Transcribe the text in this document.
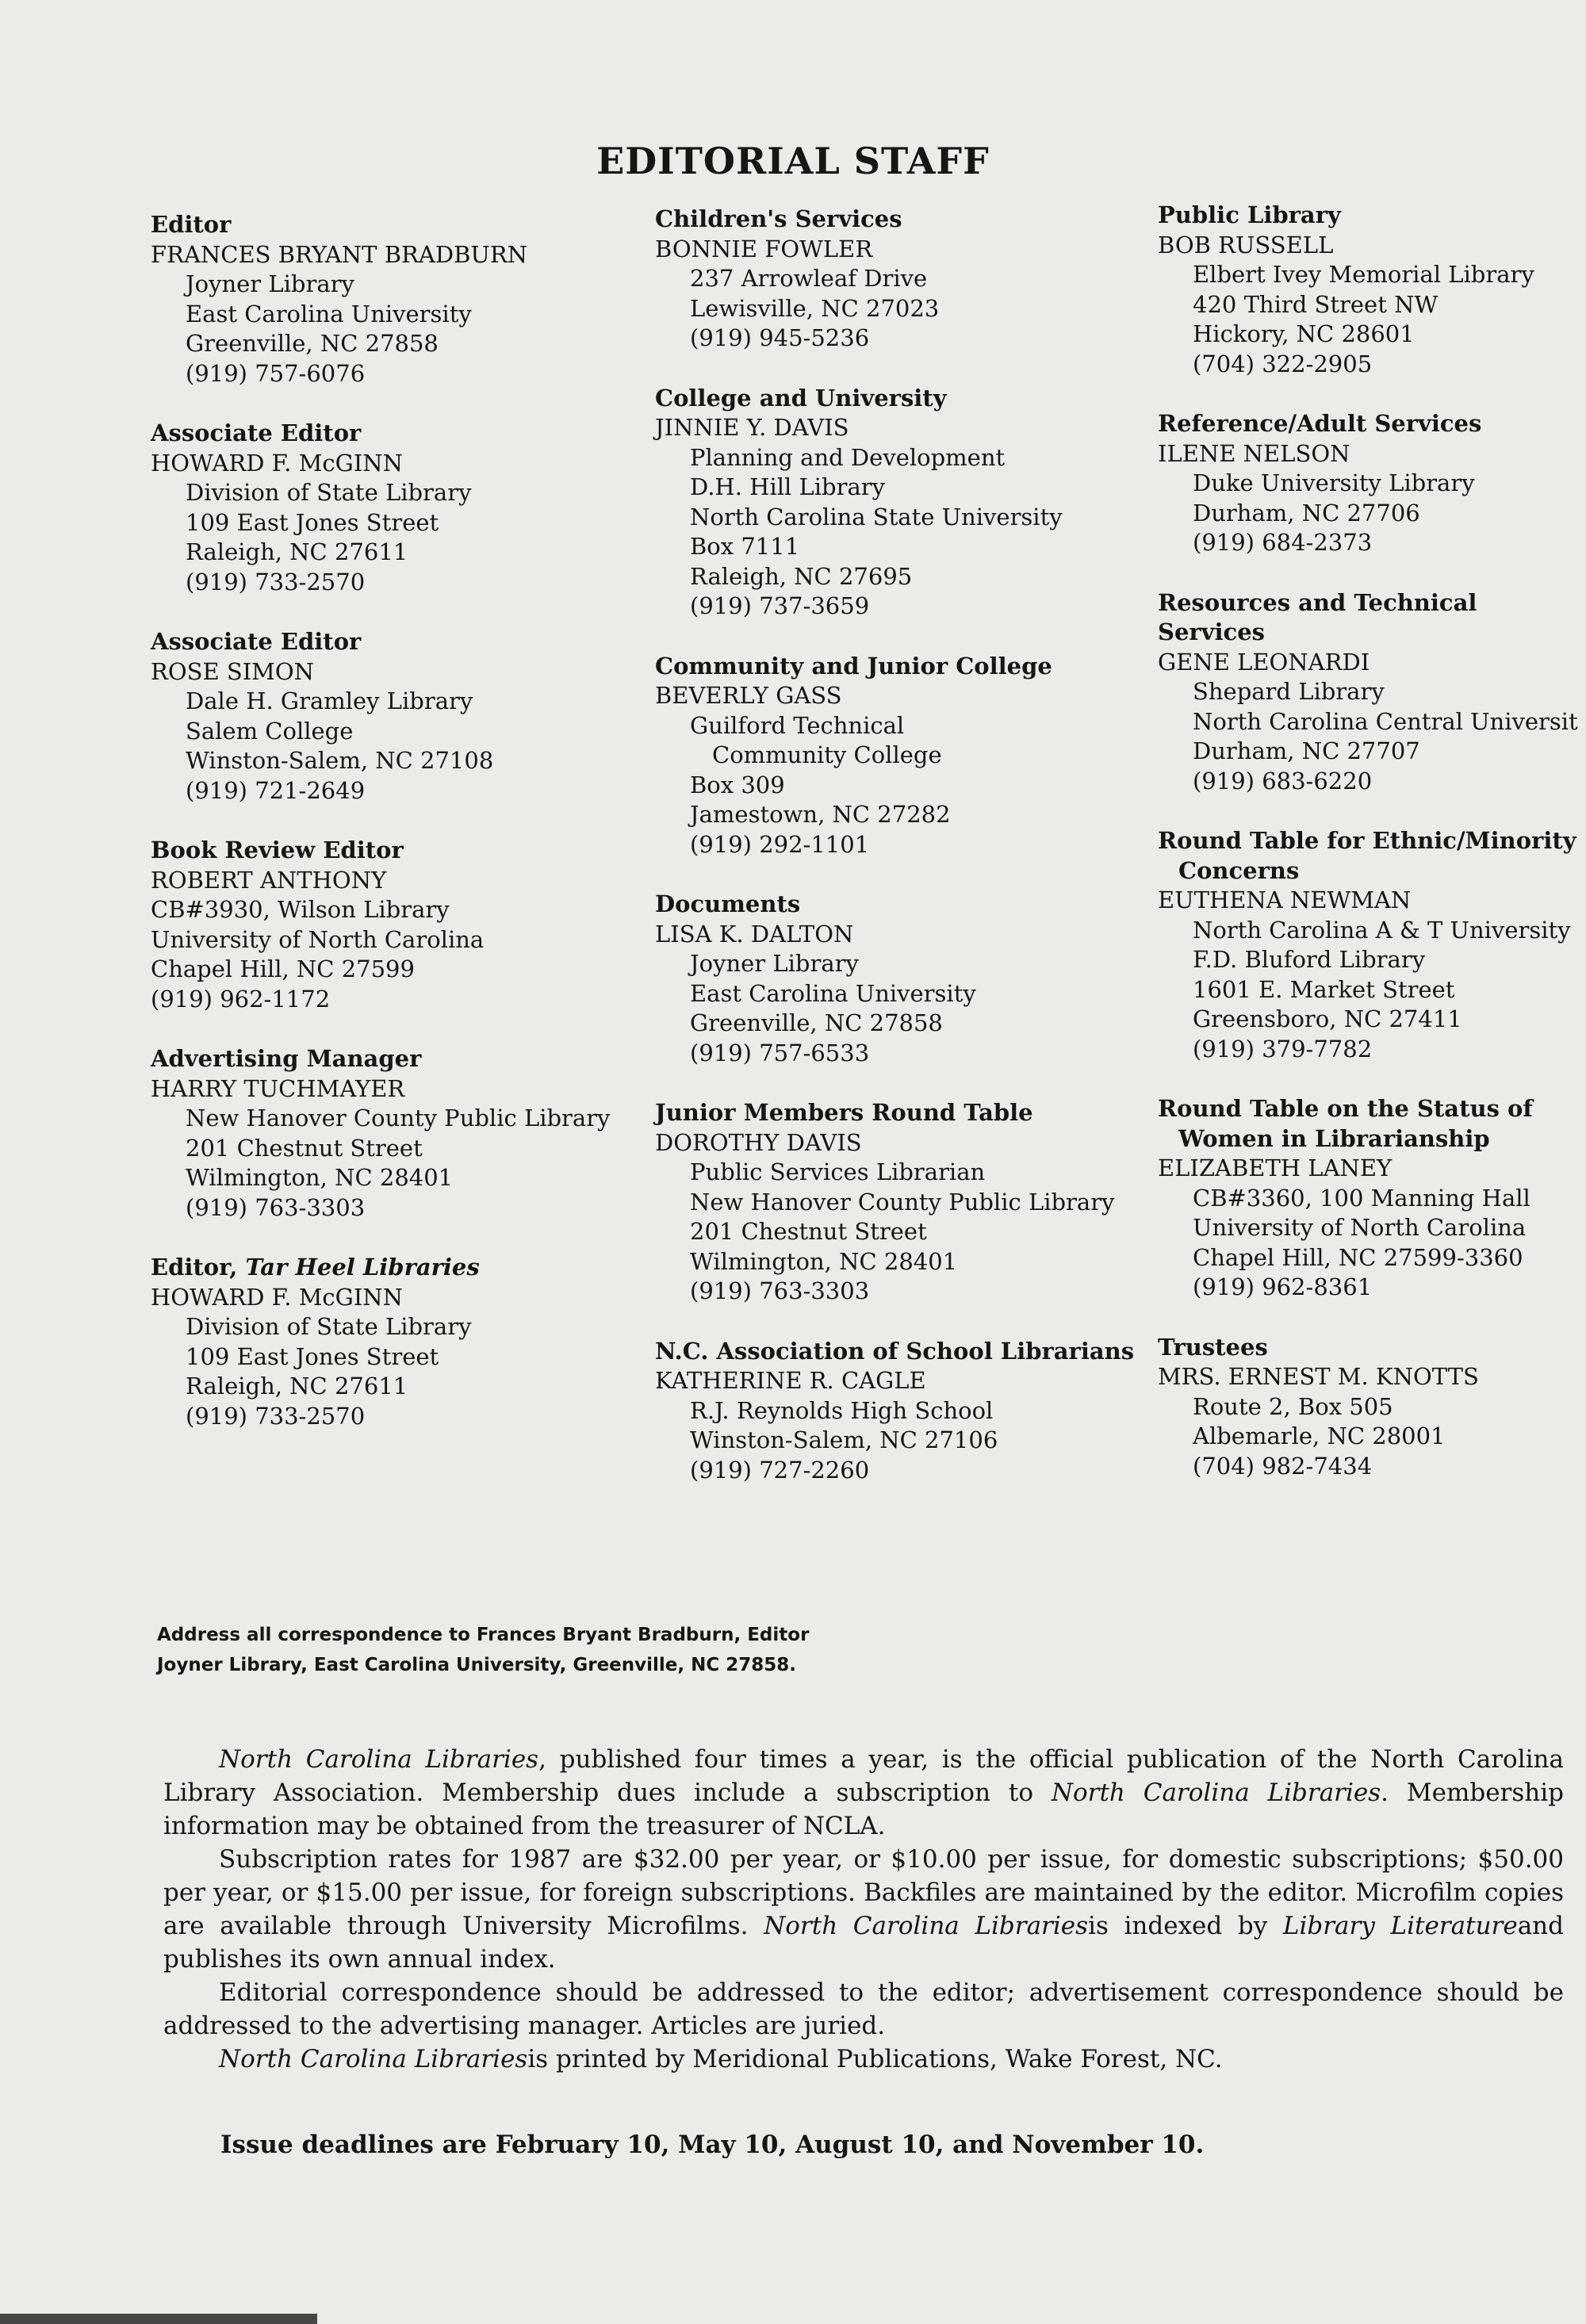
EDITORIAL STAFF
Editor
FRANCES BRYANT BRADBURN
Joyner Library
East Carolina University
Greenville, NC 27858
(919) 757-6076
Associate Editor
HOWARD F. McGINN
Division of State Library
109 East Jones Street
Raleigh, NC 27611
(919) 733-2570
Associate Editor
ROSE SIMON
Dale H. Gramley Library
Salem College
Winston-Salem, NC 27108
(919) 721-2649
Book Review Editor
ROBERT ANTHONY
CB#3930, Wilson Library
University of North Carolina
Chapel Hill, NC 27599
(919) 962-1172
Advertising Manager
HARRY TUCHMAYER
New Hanover County Public Library
201 Chestnut Street
Wilmington, NC 28401
(919) 763-3303
Editor, Tar Heel Libraries
HOWARD F. McGINN
Division of State Library
109 East Jones Street
Raleigh, NC 27611
(919) 733-2570
Children's Services
BONNIE FOWLER
237 Arrowleaf Drive
Lewisville, NC 27023
(919) 945-5236
College and University
JINNIE Y. DAVIS
Planning and Development
D.H. Hill Library
North Carolina State University
Box 7111
Raleigh, NC 27695
(919) 737-3659
Community and Junior College
BEVERLY GASS
Guilford Technical
Community College
Box 309
Jamestown, NC 27282
(919) 292-1101
Documents
LISA K. DALTON
Joyner Library
East Carolina University
Greenville, NC 27858
(919) 757-6533
Junior Members Round Table
DOROTHY DAVIS
Public Services Librarian
New Hanover County Public Library
201 Chestnut Street
Wilmington, NC 28401
(919) 763-3303
N.C. Association of School Librarians
KATHERINE R. CAGLE
R.J. Reynolds High School
Winston-Salem, NC 27106
(919) 727-2260
Public Library
BOB RUSSELL
Elbert Ivey Memorial Library
420 Third Street NW
Hickory, NC 28601
(704) 322-2905
Reference/Adult Services
ILENE NELSON
Duke University Library
Durham, NC 27706
(919) 684-2373
Resources and Technical Services
GENE LEONARDI
Shepard Library
North Carolina Central Universit
Durham, NC 27707
(919) 683-6220
Round Table for Ethnic/Minority
Concerns
EUTHENA NEWMAN
North Carolina A & T University
F.D. Bluford Library
1601 E. Market Street
Greensboro, NC 27411
(919) 379-7782
Round Table on the Status of
Women in Librarianship
ELIZABETH LANEY
CB#3360, 100 Manning Hall
University of North Carolina
Chapel Hill, NC 27599-3360
(919) 962-8361
Trustees
MRS. ERNEST M. KNOTTS
Route 2, Box 505
Albemarle, NC 28001
(704) 982-7434
Address all correspondence to Frances Bryant Bradburn, Editor
Joyner Library, East Carolina University, Greenville, NC 27858.

North Carolina Libraries, published four times a year, is the official publication of the North Carolina Library Association. Membership dues include a subscription to North Carolina Libraries. Membership information may be obtained from the treasurer of NCLA.

Subscription rates for 1987 are $32.00 per year, or $10.00 per issue, for domestic subscriptions; $50.00 per year, or $15.00 per issue, for foreign subscriptions. Backfiles are maintained by the editor. Microfilm copies are available through University Microfilms. North Carolina Librariesis indexed by Library Literatureand publishes its own annual index.

Editorial correspondence should be addressed to the editor; advertisement correspondence should be addressed to the advertising manager. Articles are juried.

North Carolina Librariesis printed by Meridional Publications, Wake Forest, NC.

Issue deadlines are February 10, May 10, August 10, and November 10.
